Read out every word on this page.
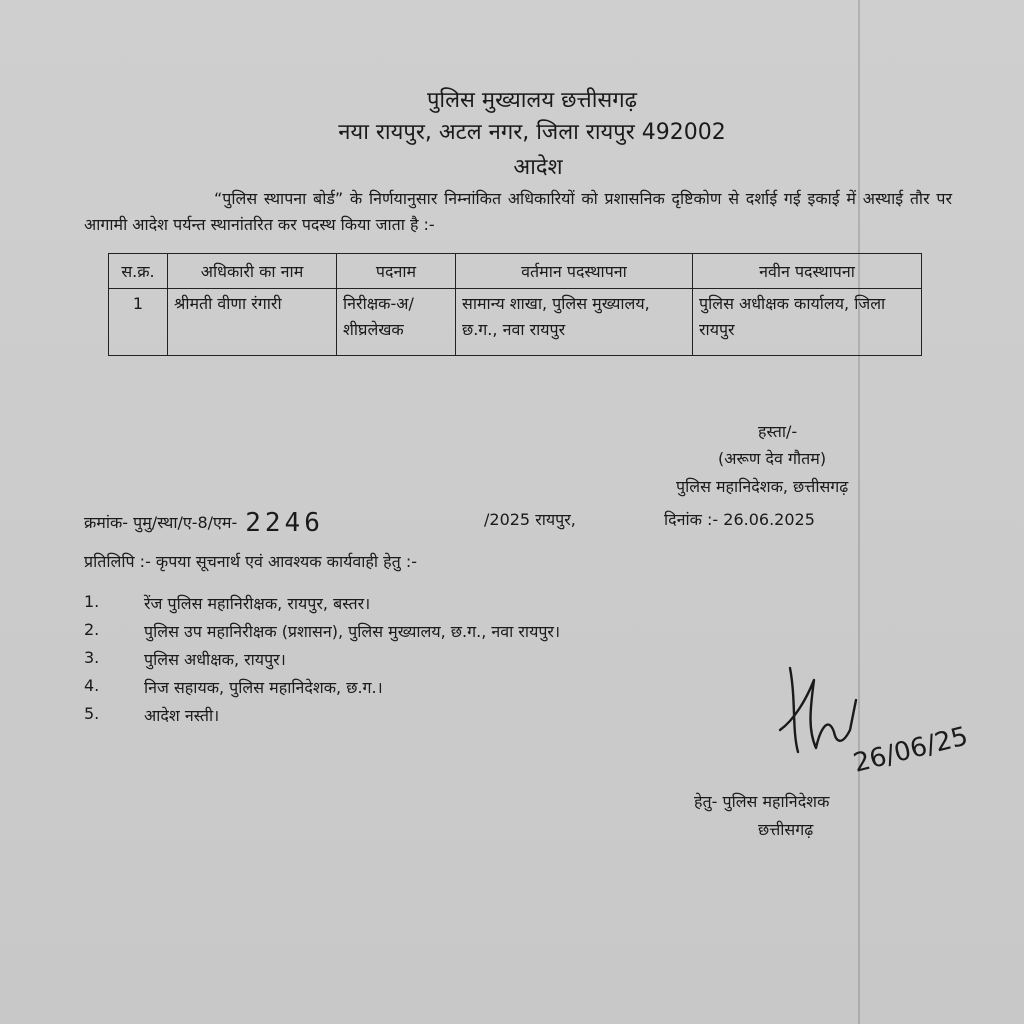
पुलिस मुख्यालय छत्तीसगढ़
नया रायपुर, अटल नगर, जिला रायपुर 492002
आदेश
“पुलिस स्थापना बोर्ड” के निर्णयानुसार निम्नांकित अधिकारियों को प्रशासनिक दृष्टिकोण से दर्शाई गई इकाई में अस्थाई तौर पर आगामी आदेश पर्यन्त स्थानांतरित कर पदस्थ किया जाता है :-
स.क्र.	अधिकारी का नाम	पदनाम	वर्तमान पदस्थापना	नवीन पदस्थापना
1	श्रीमती वीणा रंगारी	निरीक्षक-अ/ शीघ्रलेखक	सामान्य शाखा, पुलिस मुख्यालय, छ.ग., नवा रायपुर	पुलिस अधीक्षक कार्यालय, जिला रायपुर
हस्ता/-
(अरूण देव गौतम)
पुलिस महानिदेशक, छत्तीसगढ़
क्रमांक- पुमु/स्था/ए-8/एम- 2246	/2025 रायपुर,	दिनांक :- 26.06.2025
प्रतिलिपि :- कृपया सूचनार्थ एवं आवश्यक कार्यवाही हेतु :-
1.	रेंज पुलिस महानिरीक्षक, रायपुर, बस्तर।
2.	पुलिस उप महानिरीक्षक (प्रशासन), पुलिस मुख्यालय, छ.ग., नवा रायपुर।
3.	पुलिस अधीक्षक, रायपुर।
4.	निज सहायक, पुलिस महानिदेशक, छ.ग.।
5.	आदेश नस्ती।
26/06/25
हेतु- पुलिस महानिदेशक
छत्तीसगढ़
